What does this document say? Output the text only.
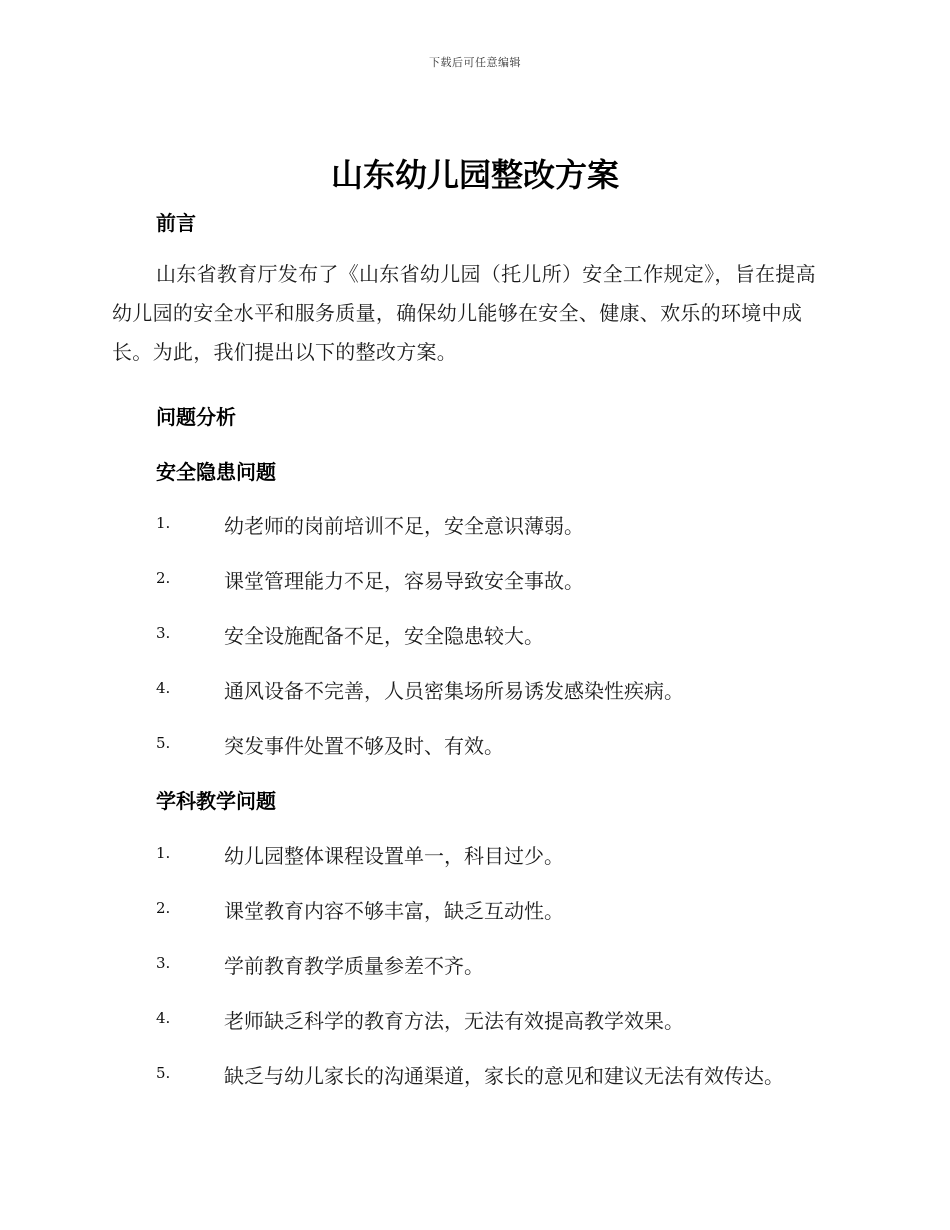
下载后可任意编辑
山东幼儿园整改方案
前言

山东省教育厅发布了《山东省幼儿园（托儿所）安全工作规定》，旨在提高幼儿园的安全水平和服务质量，确保幼儿能够在安全、健康、欢乐的环境中成长。为此，我们提出以下的整改方案。

问题分析
安全隐患问题
1.	幼老师的岗前培训不足，安全意识薄弱。
2.	课堂管理能力不足，容易导致安全事故。
3.	安全设施配备不足，安全隐患较大。
4.	通风设备不完善，人员密集场所易诱发感染性疾病。
5.	突发事件处置不够及时、有效。
学科教学问题
1.	幼儿园整体课程设置单一，科目过少。
2.	课堂教育内容不够丰富，缺乏互动性。
3.	学前教育教学质量参差不齐。
4.	老师缺乏科学的教育方法，无法有效提高教学效果。
5.	缺乏与幼儿家长的沟通渠道，家长的意见和建议无法有效传达。
